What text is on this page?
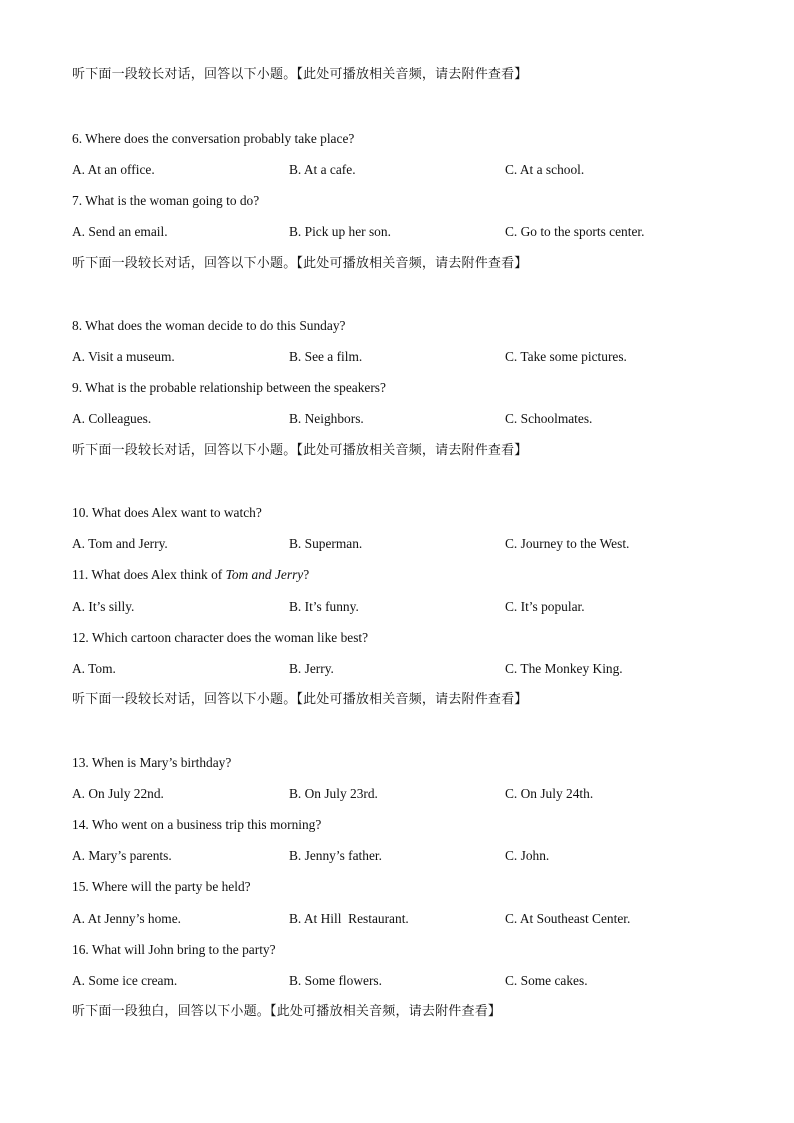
听下面一段较长对话，回答以下小题。【此处可播放相关音频，请去附件查看】
6. Where does the conversation probably take place?
A. At an office.	B. At a cafe.	C. At a school.
7. What is the woman going to do?
A. Send an email.	B. Pick up her son.	C. Go to the sports center.
听下面一段较长对话，回答以下小题。【此处可播放相关音频，请去附件查看】
8. What does the woman decide to do this Sunday?
A. Visit a museum.	B. See a film.	C. Take some pictures.
9. What is the probable relationship between the speakers?
A. Colleagues.	B. Neighbors.	C. Schoolmates.
听下面一段较长对话，回答以下小题。【此处可播放相关音频，请去附件查看】
10. What does Alex want to watch?
A. Tom and Jerry.	B. Superman.	C. Journey to the West.
11. What does Alex think of Tom and Jerry?
A. It’s silly.	B. It’s funny.	C. It’s popular.
12. Which cartoon character does the woman like best?
A. Tom.	B. Jerry.	C. The Monkey King.
听下面一段较长对话，回答以下小题。【此处可播放相关音频，请去附件查看】
13. When is Mary’s birthday?
A. On July 22nd.	B. On July 23rd.	C. On July 24th.
14. Who went on a business trip this morning?
A. Mary’s parents.	B. Jenny’s father.	C. John.
15. Where will the party be held?
A. At Jenny’s home.	B. At Hill  Restaurant.	C. At Southeast Center.
16. What will John bring to the party?
A. Some ice cream.	B. Some flowers.	C. Some cakes.
听下面一段独白，回答以下小题。【此处可播放相关音频，请去附件查看】
